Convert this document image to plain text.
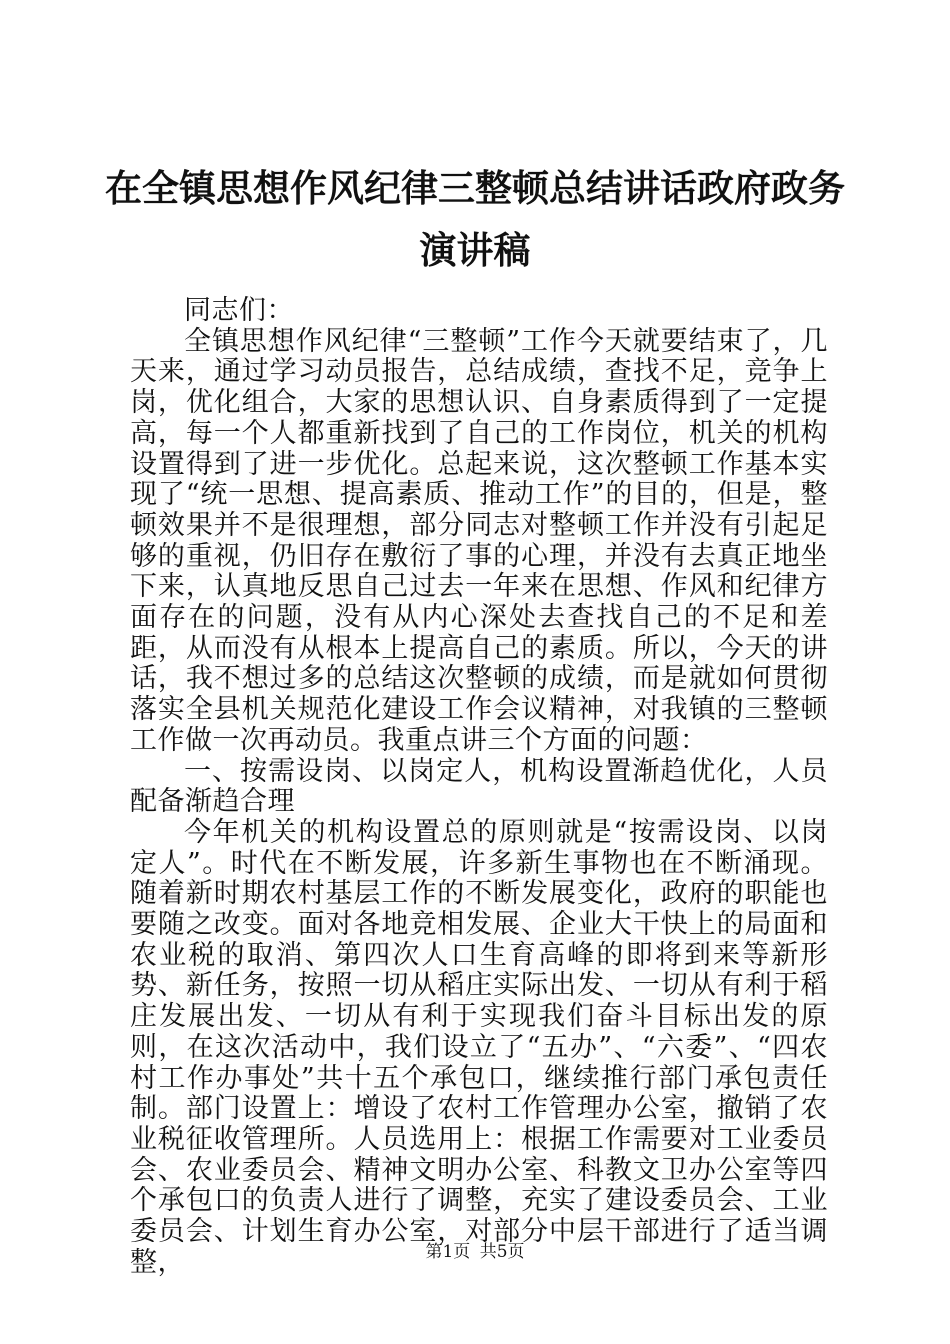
在全镇思想作风纪律三整顿总结讲话政府政务
演讲稿

同志们：

全镇思想作风纪律“三整顿”工作今天就要结束了，几天来，通过学习动员报告，总结成绩，查找不足，竞争上岗，优化组合，大家的思想认识、自身素质得到了一定提高，每一个人都重新找到了自己的工作岗位，机关的机构设置得到了进一步优化。总起来说，这次整顿工作基本实现了“统一思想、提高素质、推动工作”的目的，但是，整顿效果并不是很理想，部分同志对整顿工作并没有引起足够的重视，仍旧存在敷衍了事的心理，并没有去真正地坐下来，认真地反思自己过去一年来在思想、作风和纪律方面存在的问题，没有从内心深处去查找自己的不足和差距，从而没有从根本上提高自己的素质。所以，今天的讲话，我不想过多的总结这次整顿的成绩，而是就如何贯彻落实全县机关规范化建设工作会议精神，对我镇的三整顿工作做一次再动员。我重点讲三个方面的问题：

一、按需设岗、以岗定人，机构设置渐趋优化，人员配备渐趋合理

今年机关的机构设置总的原则就是“按需设岗、以岗定人”。时代在不断发展，许多新生事物也在不断涌现。随着新时期农村基层工作的不断发展变化，政府的职能也要随之改变。面对各地竞相发展、企业大干快上的局面和农业税的取消、第四次人口生育高峰的即将到来等新形势、新任务，按照一切从稻庄实际出发、一切从有利于稻庄发展出发、一切从有利于实现我们奋斗目标出发的原则，在这次活动中，我们设立了“五办”、“六委”、“四农村工作办事处”共十五个承包口，继续推行部门承包责任制。部门设置上：增设了农村工作管理办公室，撤销了农业税征收管理所。人员选用上：根据工作需要对工业委员会、农业委员会、精神文明办公室、科教文卫办公室等四个承包口的负责人进行了调整，充实了建设委员会、工业委员会、计划生育办公室，对部分中层干部进行了适当调整，	第1页 共5页
